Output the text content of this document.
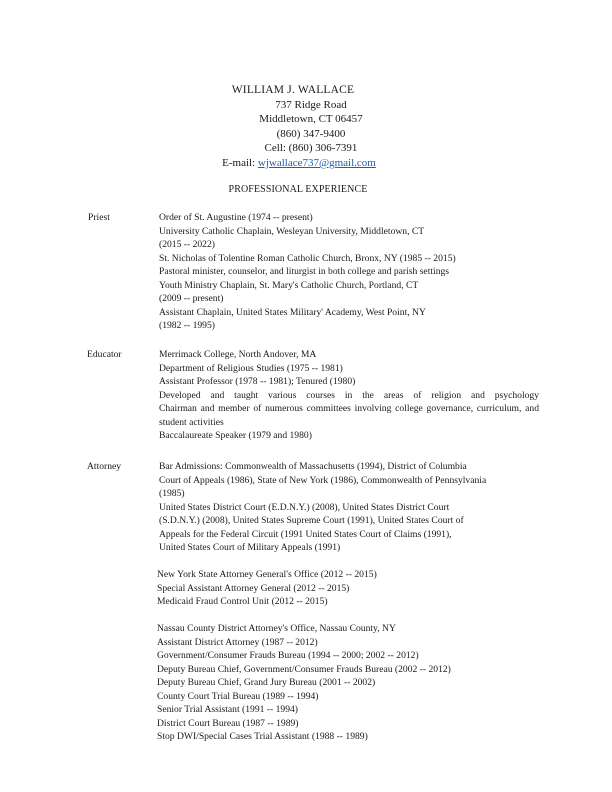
WILLIAM J. WALLACE
737 Ridge Road
Middletown, CT 06457
(860) 347-9400
Cell: (860) 306-7391
E-mail: wjwallace737@gmail.com
PROFESSIONAL EXPERIENCE
Priest	Order of St. Augustine (1974 -- present)
University Catholic Chaplain, Wesleyan University, Middletown, CT
(2015 -- 2022)
St. Nicholas of Tolentine Roman Catholic Church, Bronx, NY (1985 -- 2015)
Pastoral minister, counselor, and liturgist in both college and parish settings
Youth Ministry Chaplain, St. Mary's Catholic Church, Portland, CT
(2009 -- present)
Assistant Chaplain, United States Military' Academy, West Point, NY
(1982 -- 1995)
Educator	Merrimack College, North Andover, MA
Department of Religious Studies (1975 -- 1981)
Assistant Professor (1978 -- 1981); Tenured (1980)
Developed and taught various courses in the areas of religion and psychology
Chairman and member of numerous committees involving college governance, curriculum, and student activities
Baccalaureate Speaker (1979 and 1980)
Attorney	Bar Admissions: Commonwealth of Massachusetts (1994), District of Columbia
Court of Appeals (1986), State of New York (1986), Commonwealth of Pennsylvania
(1985)
United States District Court (E.D.N.Y.) (2008), United States District Court
(S.D.N.Y.) (2008), United States Supreme Court (1991), United States Court of
Appeals for the Federal Circuit (1991 United States Court of Claims (1991),
United States Court of Military Appeals (1991)
New York State Attorney General's Office (2012 -- 2015)
Special Assistant Attorney General (2012 -- 2015)
Medicaid Fraud Control Unit (2012 -- 2015)
Nassau County District Attorney's Office, Nassau County, NY
Assistant District Attorney (1987 -- 2012)
Government/Consumer Frauds Bureau (1994 -- 2000; 2002 -- 2012)
Deputy Bureau Chief, Government/Consumer Frauds Bureau (2002 -- 2012)
Deputy Bureau Chief, Grand Jury Bureau (2001 -- 2002)
County Court Trial Bureau (1989 -- 1994)
Senior Trial Assistant (1991 -- 1994)
District Court Bureau (1987 -- 1989)
Stop DWI/Special Cases Trial Assistant (1988 -- 1989)
